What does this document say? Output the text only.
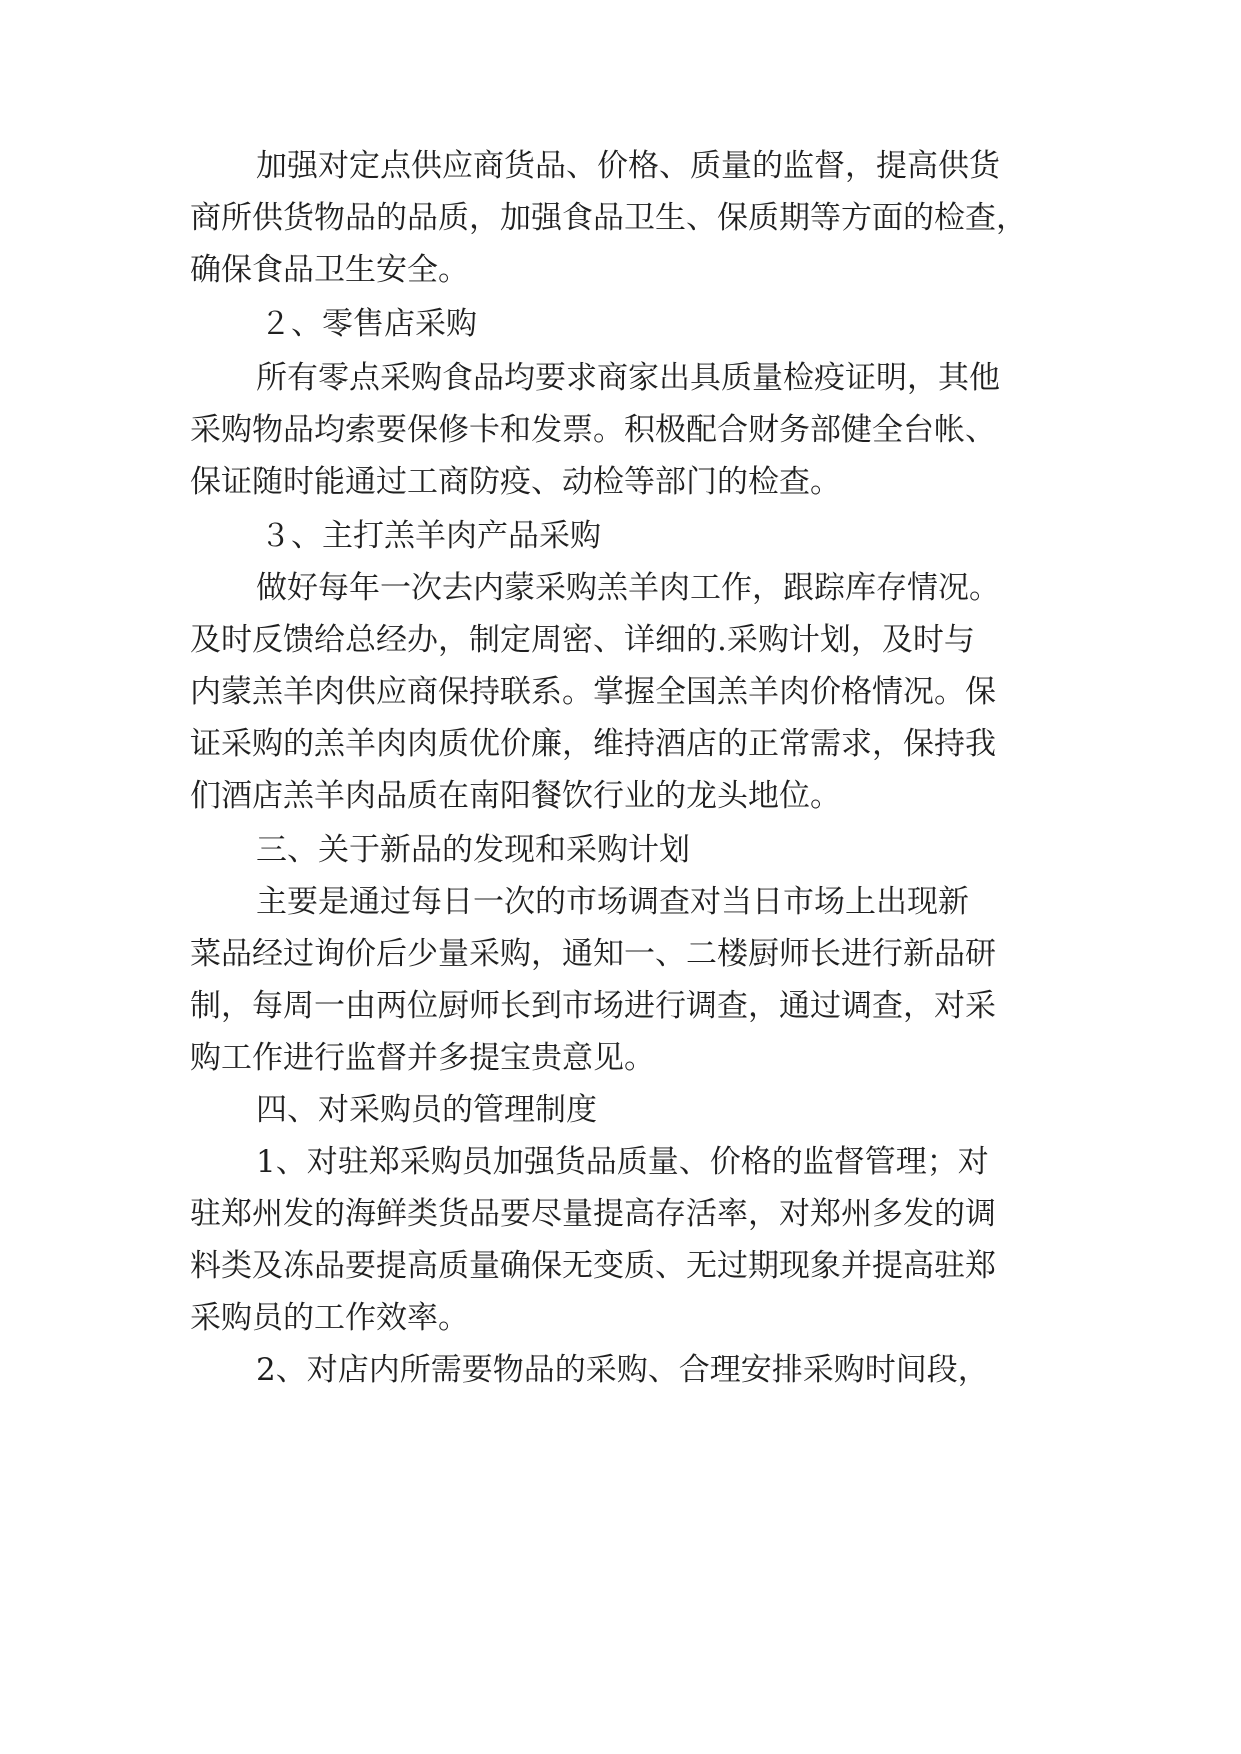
加强对定点供应商货品、价格、质量的监督，提高供货
商所供货物品的品质，加强食品卫生、保质期等方面的检查，
确保食品卫生安全。
２、零售店采购
所有零点采购食品均要求商家出具质量检疫证明，其他
采购物品均索要保修卡和发票。积极配合财务部健全台帐、
保证随时能通过工商防疫、动检等部门的检查。
３、主打羔羊肉产品采购
做好每年一次去内蒙采购羔羊肉工作，跟踪库存情况。
及时反馈给总经办，制定周密、详细的.采购计划，及时与
内蒙羔羊肉供应商保持联系。掌握全国羔羊肉价格情况。保
证采购的羔羊肉肉质优价廉，维持酒店的正常需求，保持我
们酒店羔羊肉品质在南阳餐饮行业的龙头地位。
三、关于新品的发现和采购计划
主要是通过每日一次的市场调查对当日市场上出现新
菜品经过询价后少量采购，通知一、二楼厨师长进行新品研
制，每周一由两位厨师长到市场进行调查，通过调查，对采
购工作进行监督并多提宝贵意见。
四、对采购员的管理制度
1、对驻郑采购员加强货品质量、价格的监督管理；对
驻郑州发的海鲜类货品要尽量提高存活率，对郑州多发的调
料类及冻品要提高质量确保无变质、无过期现象并提高驻郑
采购员的工作效率。
2、对店内所需要物品的采购、合理安排采购时间段，
